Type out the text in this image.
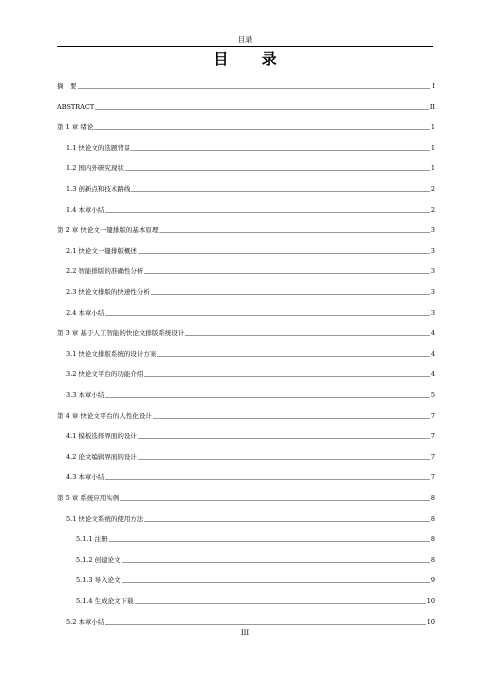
目录
目 录
摘　要	I
ABSTRACT	II
第 1 章 绪论	1
1.1 快论文的选题背景	1
1.2 国内外研究现状	1
1.3 创新点和技术路线	2
1.4 本章小结	2
第 2 章 快论文一键排版的基本原理	3
2.1 快论文一键排版概述	3
2.2 智能排版的准确性分析	3
2.3 快论文排版的快速性分析	3
2.4 本章小结	3
第 3 章 基于人工智能的快论文排版系统设计	4
3.1 快论文排版系统的设计方案	4
3.2 快论文平台的功能介绍	4
3.3 本章小结	5
第 4 章 快论文平台的人性化设计	7
4.1 模板选择界面的设计	7
4.2 论文编辑界面的设计	7
4.3 本章小结	7
第 5 章 系统应用实例	8
5.1 快论文系统的使用方法	8
5.1.1 注册	8
5.1.2 创建论文	8
5.1.3 导入论文	9
5.1.4 生成论文下载	10
5.2 本章小结	10
III
